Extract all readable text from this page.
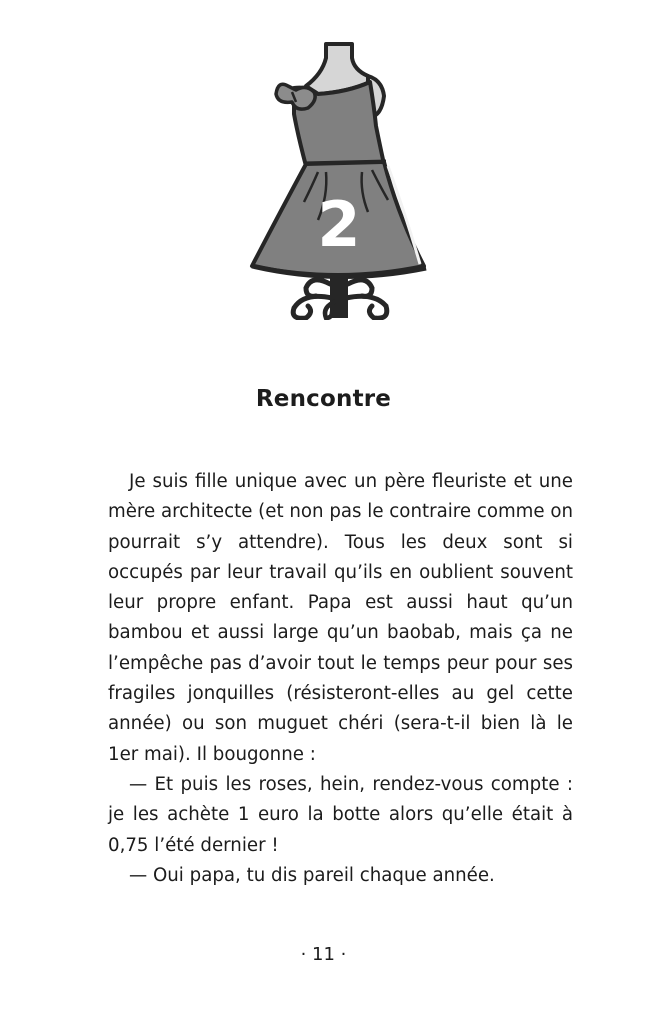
2
Rencontre

Je suis fille unique avec un père fleuriste et une mère architecte (et non pas le contraire comme on pourrait s’y attendre). Tous les deux sont si occupés par leur travail qu’ils en oublient souvent leur propre enfant. Papa est aussi haut qu’un bambou et aussi large qu’un baobab, mais ça ne l’empêche pas d’avoir tout le temps peur pour ses fragiles jonquilles (résisteront-elles au gel cette année) ou son muguet chéri (sera-t-il bien là le 1er mai). Il bougonne :

— Et puis les roses, hein, rendez-vous compte : je les achète 1 euro la botte alors qu’elle était à 0,75 l’été dernier !

— Oui papa, tu dis pareil chaque année.

· 11 ·
